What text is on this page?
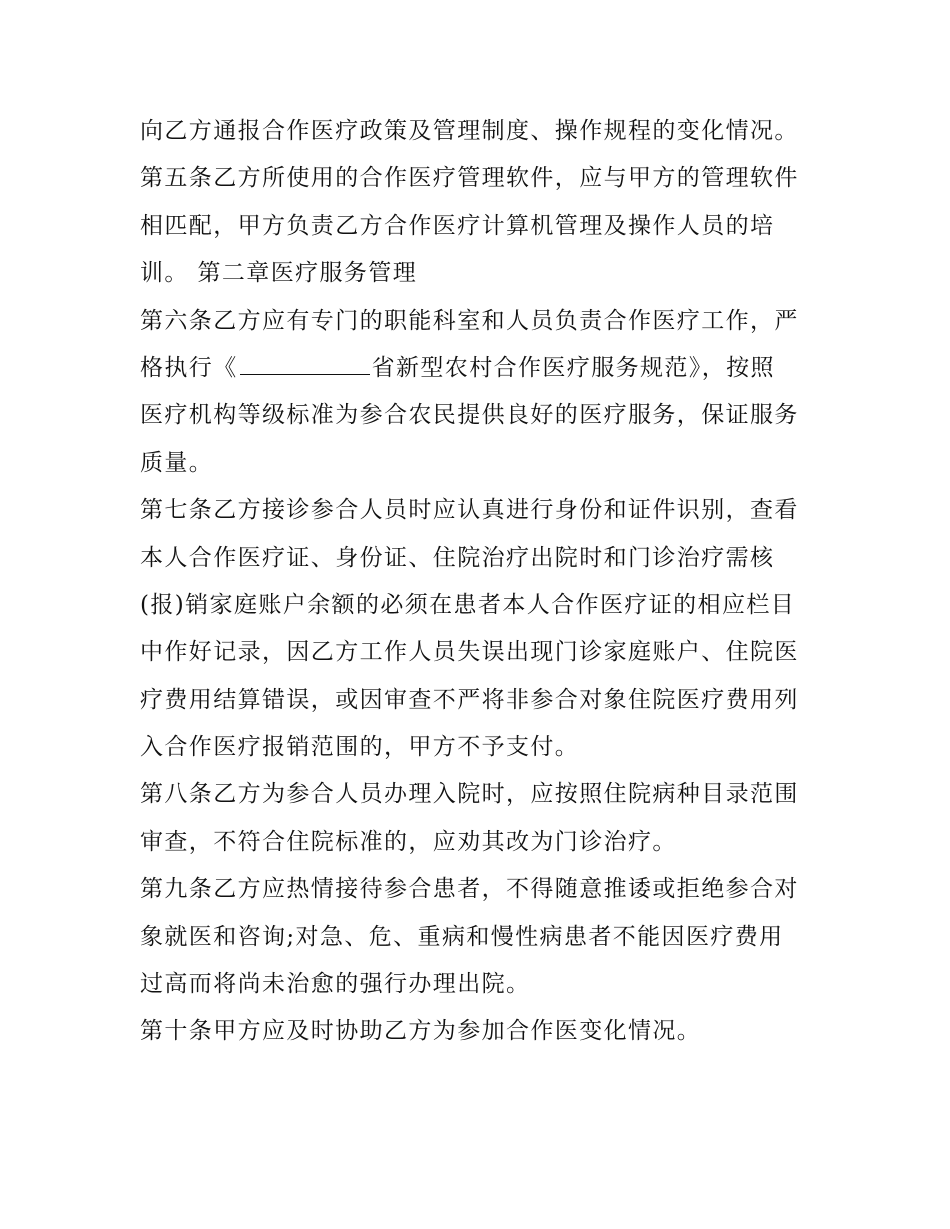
向乙方通报合作医疗政策及管理制度、操作规程的变化情况。
第五条乙方所使用的合作医疗管理软件，应与甲方的管理软件
相匹配，甲方负责乙方合作医疗计算机管理及操作人员的培
训。 第二章医疗服务管理
第六条乙方应有专门的职能科室和人员负责合作医疗工作，严
格执行《	省新型农村合作医疗服务规范》，按照
医疗机构等级标准为参合农民提供良好的医疗服务，保证服务
质量。
第七条乙方接诊参合人员时应认真进行身份和证件识别，查看
本人合作医疗证、身份证、住院治疗出院时和门诊治疗需核
(报)销家庭账户余额的必须在患者本人合作医疗证的相应栏目
中作好记录，因乙方工作人员失误出现门诊家庭账户、住院医
疗费用结算错误，或因审查不严将非参合对象住院医疗费用列
入合作医疗报销范围的，甲方不予支付。
第八条乙方为参合人员办理入院时，应按照住院病种目录范围
审查，不符合住院标准的，应劝其改为门诊治疗。
第九条乙方应热情接待参合患者，不得随意推诿或拒绝参合对
象就医和咨询;对急、危、重病和慢性病患者不能因医疗费用
过高而将尚未治愈的强行办理出院。
第十条甲方应及时协助乙方为参加合作医变化情况。
